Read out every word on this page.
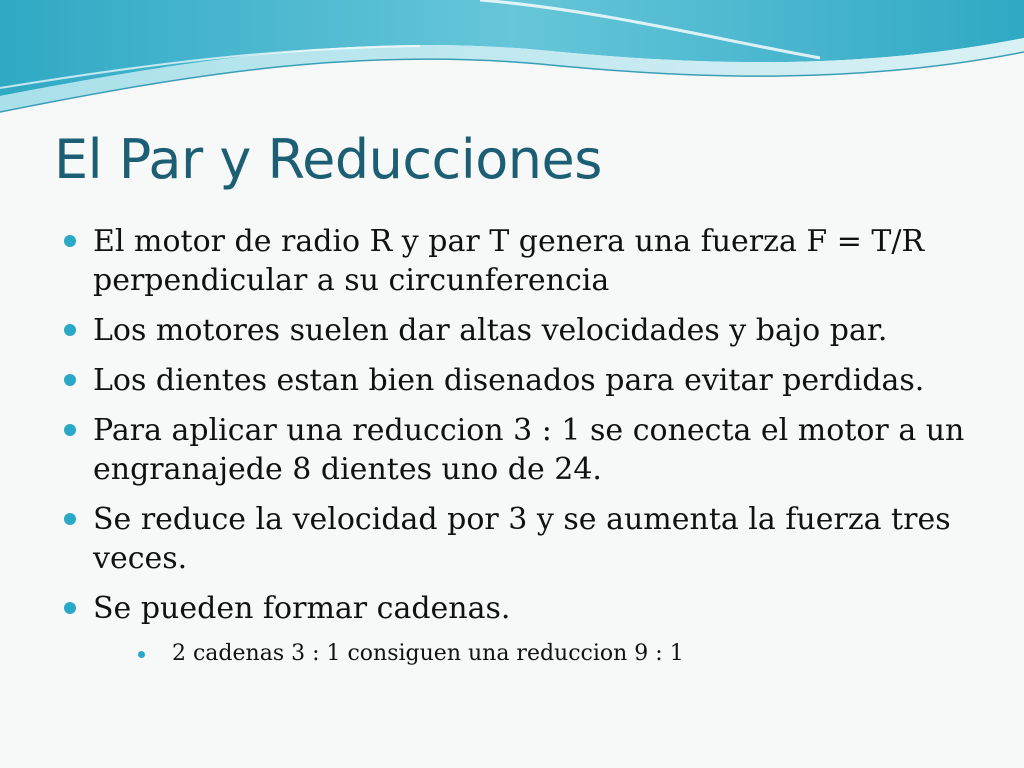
El Par y Reducciones
El motor de radio R y par T genera una fuerza F = T/R perpendicular a su circunferencia
Los motores suelen dar altas velocidades y bajo par.
Los dientes estan bien disenados para evitar perdidas.
Para aplicar una reduccion 3 : 1 se conecta el motor a un engranajede 8 dientes uno de 24.
Se reduce la velocidad por 3 y se aumenta la fuerza tres veces.
Se pueden formar cadenas.
2 cadenas 3 : 1 consiguen una reduccion 9 : 1
